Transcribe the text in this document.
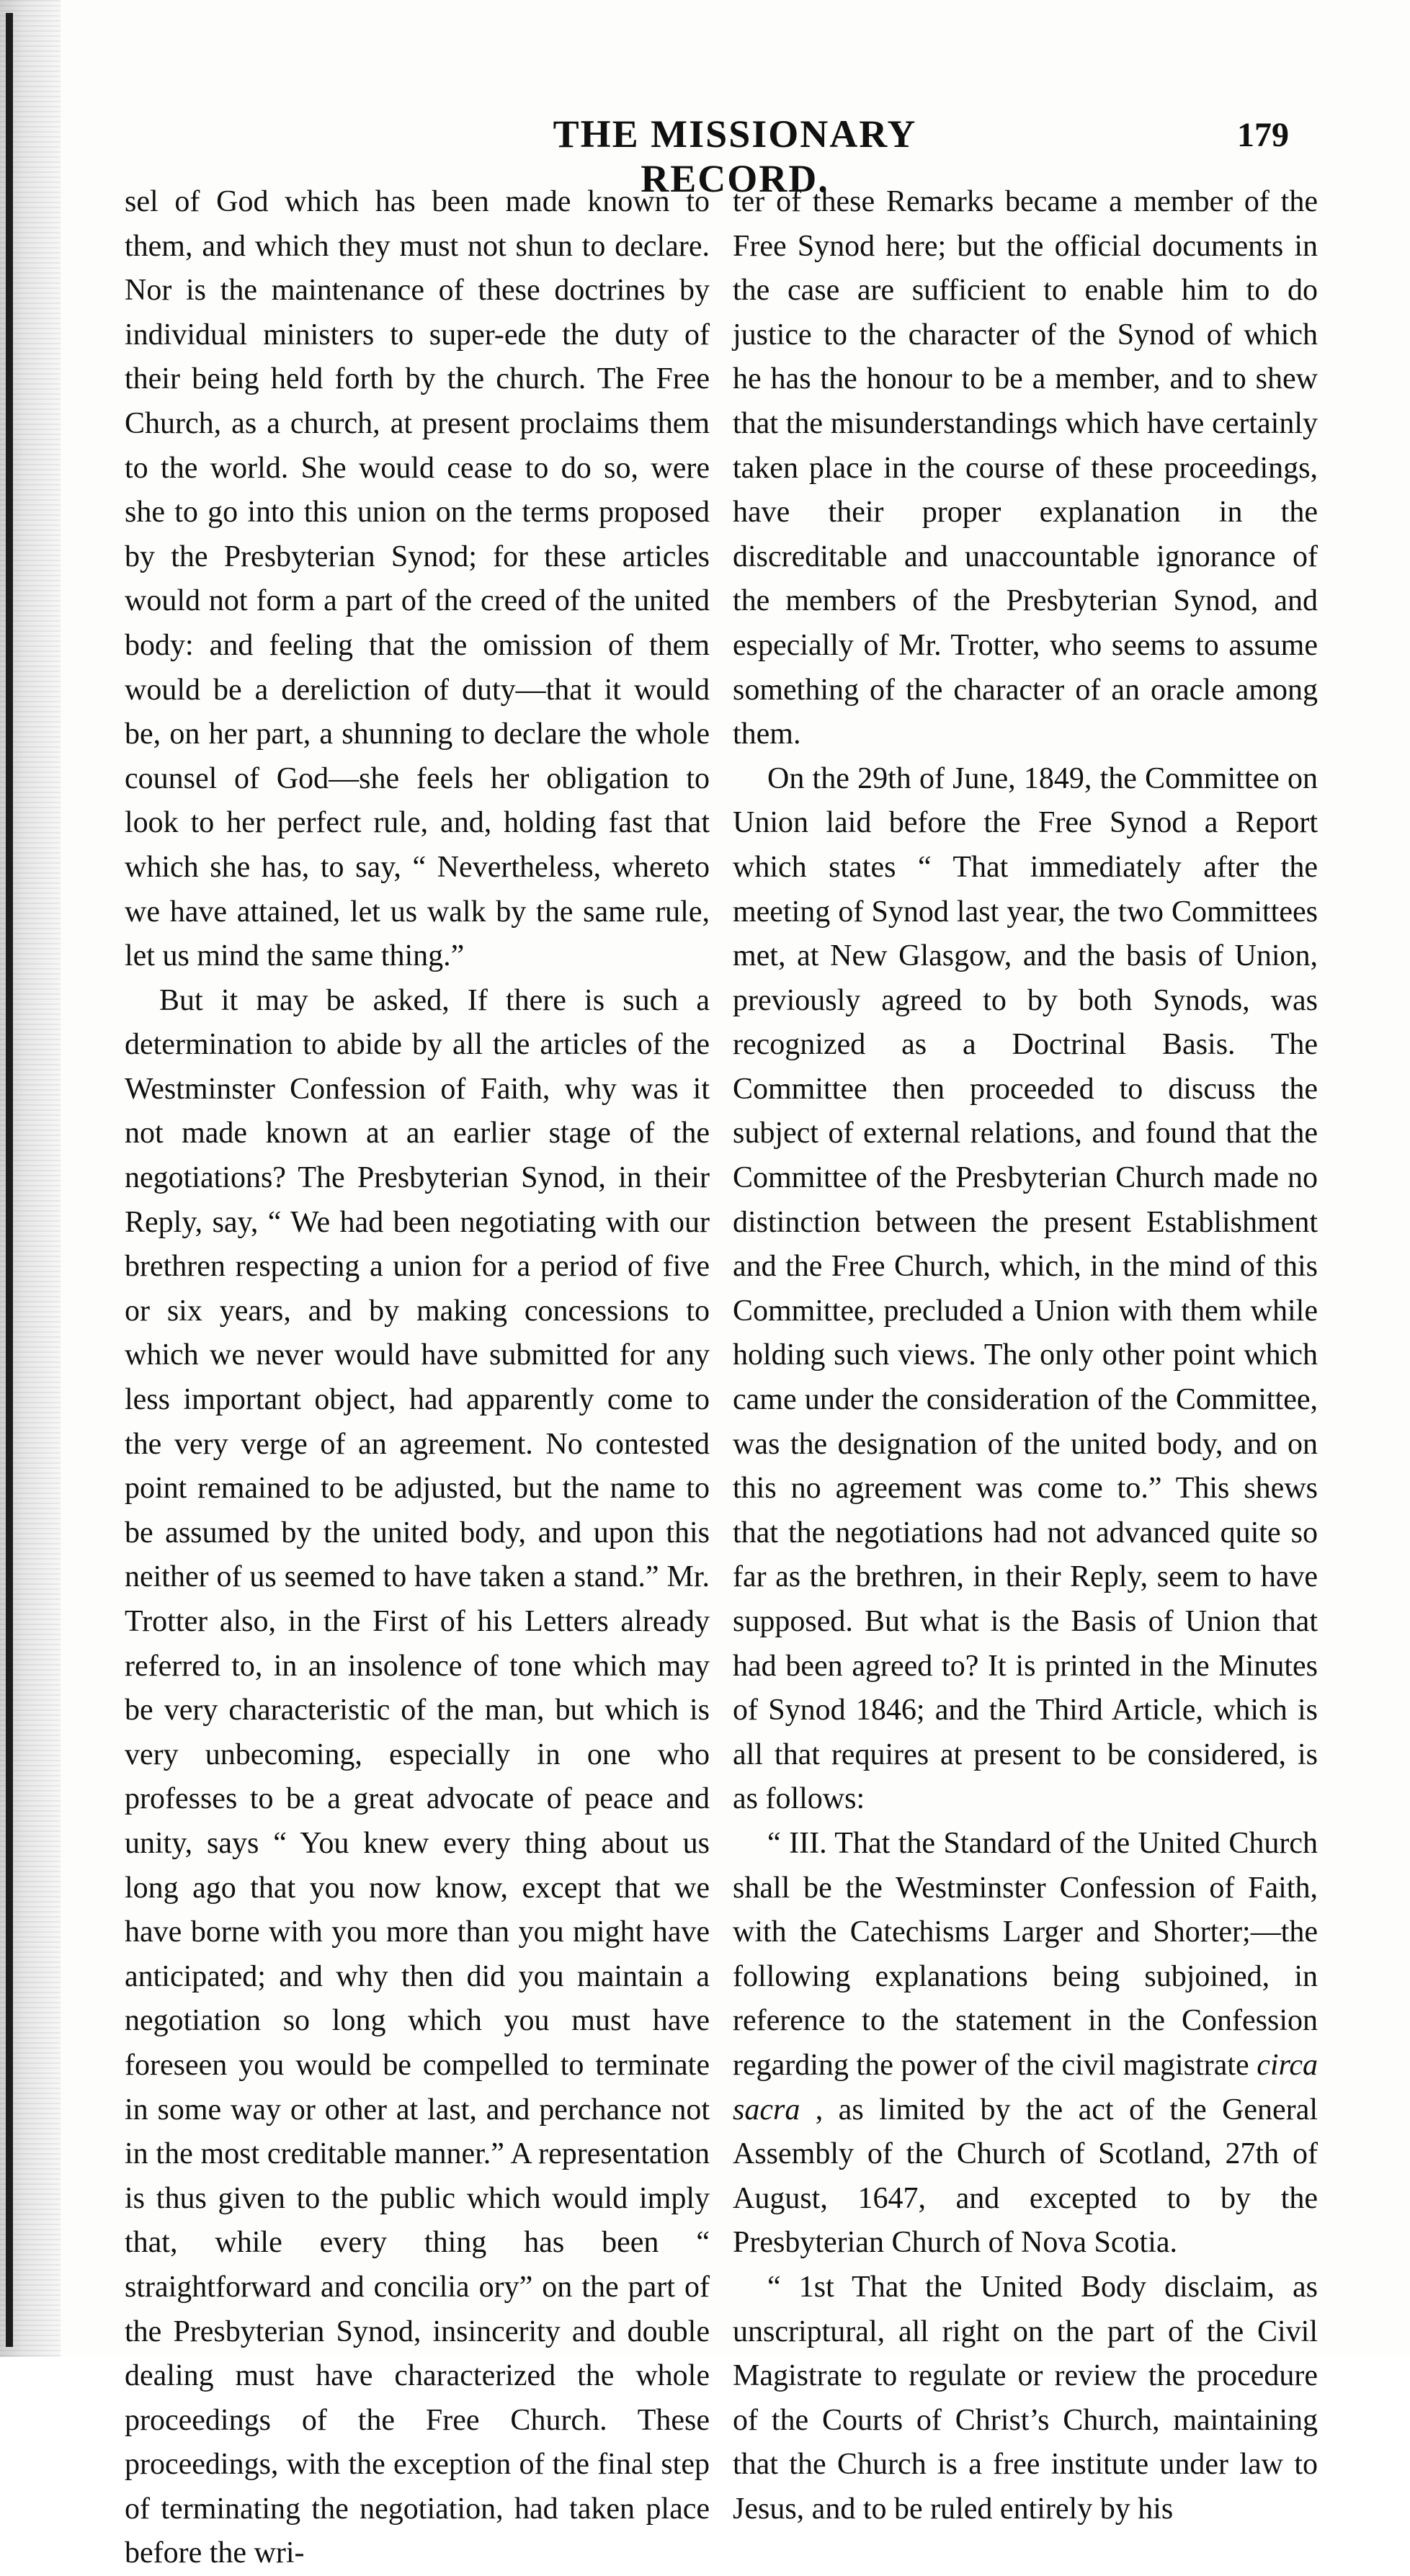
THE MISSIONARY RECORD.
179

sel of God which has been made known to them, and which they must not shun to declare. Nor is the maintenance of these doctrines by individual ministers to super-ede the duty of their being held forth by the church. The Free Church, as a church, at present proclaims them to the world. She would cease to do so, were she to go into this union on the terms proposed by the Presbyterian Synod; for these articles would not form a part of the creed of the united body: and feeling that the omission of them would be a dereliction of duty—that it would be, on her part, a shunning to declare the whole counsel of God—she feels her obligation to look to her perfect rule, and, holding fast that which she has, to say, “ Nevertheless, whereto we have attained, let us walk by the same rule, let us mind the same thing.”

But it may be asked, If there is such a determination to abide by all the articles of the Westminster Confession of Faith, why was it not made known at an earlier stage of the negotiations? The Presbyterian Synod, in their Reply, say, “ We had been negotiating with our brethren respecting a union for a period of five or six years, and by making concessions to which we never would have submitted for any less important object, had apparently come to the very verge of an agreement. No contested point remained to be adjusted, but the name to be assumed by the united body, and upon this neither of us seemed to have taken a stand.” Mr. Trotter also, in the First of his Letters already referred to, in an insolence of tone which may be very characteristic of the man, but which is very unbecoming, especially in one who professes to be a great advocate of peace and unity, says “ You knew every thing about us long ago that you now know, except that we have borne with you more than you might have anticipated; and why then did you maintain a negotiation so long which you must have foreseen you would be compelled to terminate in some way or other at last, and perchance not in the most creditable manner.” A representation is thus given to the public which would imply that, while every thing has been “ straightforward and concilia ory” on the part of the Presbyterian Synod, insincerity and double dealing must have characterized the whole proceedings of the Free Church. These proceedings, with the exception of the final step of terminating the negotiation, had taken place before the wri-

ter of these Remarks became a member of the Free Synod here; but the official documents in the case are sufficient to enable him to do justice to the character of the Synod of which he has the honour to be a member, and to shew that the misunderstandings which have certainly taken place in the course of these proceedings, have their proper explanation in the discreditable and unaccountable ignorance of the members of the Presbyterian Synod, and especially of Mr. Trotter, who seems to assume something of the character of an oracle among them.

On the 29th of June, 1849, the Committee on Union laid before the Free Synod a Report which states “ That immediately after the meeting of Synod last year, the two Committees met, at New Glasgow, and the basis of Union, previously agreed to by both Synods, was recognized as a Doctrinal Basis. The Committee then proceeded to discuss the subject of external relations, and found that the Committee of the Presbyterian Church made no distinction between the present Establishment and the Free Church, which, in the mind of this Committee, precluded a Union with them while holding such views. The only other point which came under the consideration of the Committee, was the designation of the united body, and on this no agreement was come to.” This shews that the negotiations had not advanced quite so far as the brethren, in their Reply, seem to have supposed. But what is the Basis of Union that had been agreed to? It is printed in the Minutes of Synod 1846; and the Third Article, which is all that requires at present to be considered, is as follows:

“ III. That the Standard of the United Church shall be the Westminster Confession of Faith, with the Catechisms Larger and Shorter;—the following explanations being subjoined, in reference to the statement in the Confession regarding the power of the civil magistrate circa sacra , as limited by the act of the General Assembly of the Church of Scotland, 27th of August, 1647, and excepted to by the Presbyterian Church of Nova Scotia.

“ 1st That the United Body disclaim, as unscriptural, all right on the part of the Civil Magistrate to regulate or review the procedure of the Courts of Christ’s Church, maintaining that the Church is a free institute under law to Jesus, and to be ruled entirely by his
